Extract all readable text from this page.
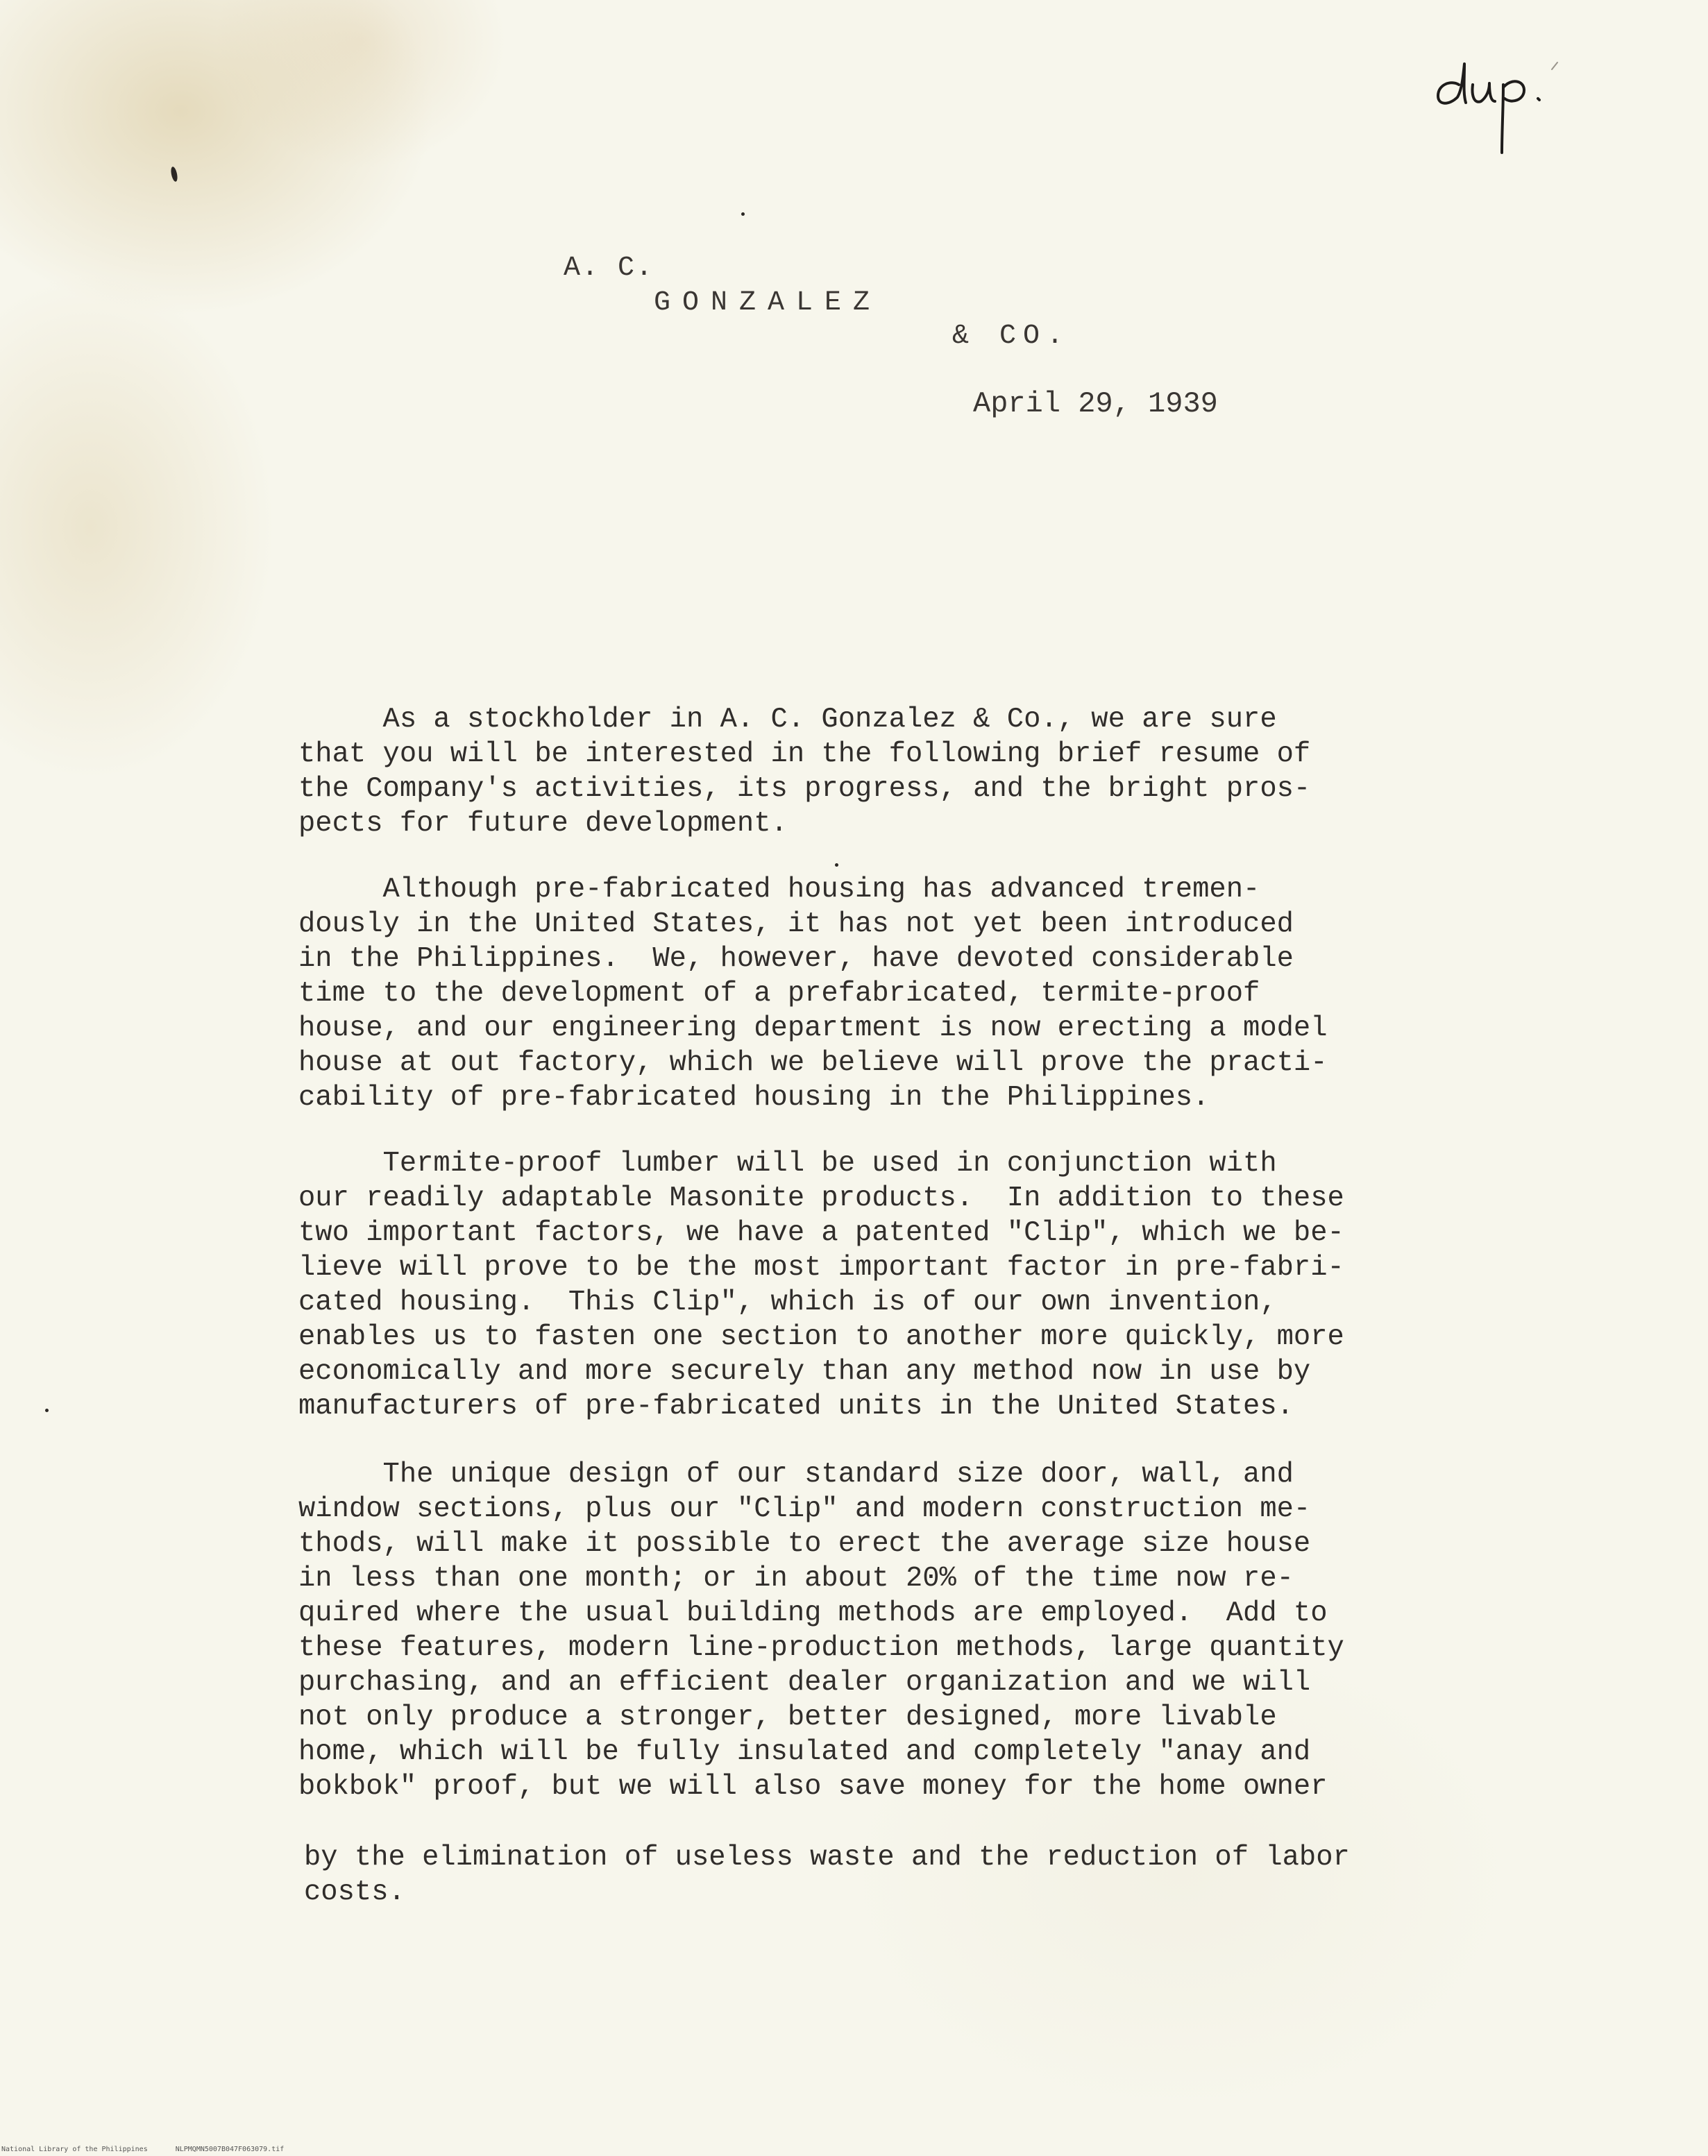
A. C.
GONZALEZ
& CO.
April 29, 1939
As a stockholder in A. C. Gonzalez & Co., we are sure
that you will be interested in the following brief resume of
the Company's activities, its progress, and the bright pros-
pects for future development.
Although pre-fabricated housing has advanced tremen-
dously in the United States, it has not yet been introduced
in the Philippines.  We, however, have devoted considerable
time to the development of a prefabricated, termite-proof
house, and our engineering department is now erecting a model
house at out factory, which we believe will prove the practi-
cability of pre-fabricated housing in the Philippines.
Termite-proof lumber will be used in conjunction with
our readily adaptable Masonite products.  In addition to these
two important factors, we have a patented "Clip", which we be-
lieve will prove to be the most important factor in pre-fabri-
cated housing.  This Clip", which is of our own invention,
enables us to fasten one section to another more quickly, more
economically and more securely than any method now in use by
manufacturers of pre-fabricated units in the United States.
The unique design of our standard size door, wall, and
window sections, plus our "Clip" and modern construction me-
thods, will make it possible to erect the average size house
in less than one month; or in about 20% of the time now re-
quired where the usual building methods are employed.  Add to
these features, modern line-production methods, large quantity
purchasing, and an efficient dealer organization and we will
not only produce a stronger, better designed, more livable
home, which will be fully insulated and completely "anay and
bokbok" proof, but we will also save money for the home owner
by the elimination of useless waste and the reduction of labor
costs.
National Library of the Philippines	NLPMQMN5007B047F063079.tif
